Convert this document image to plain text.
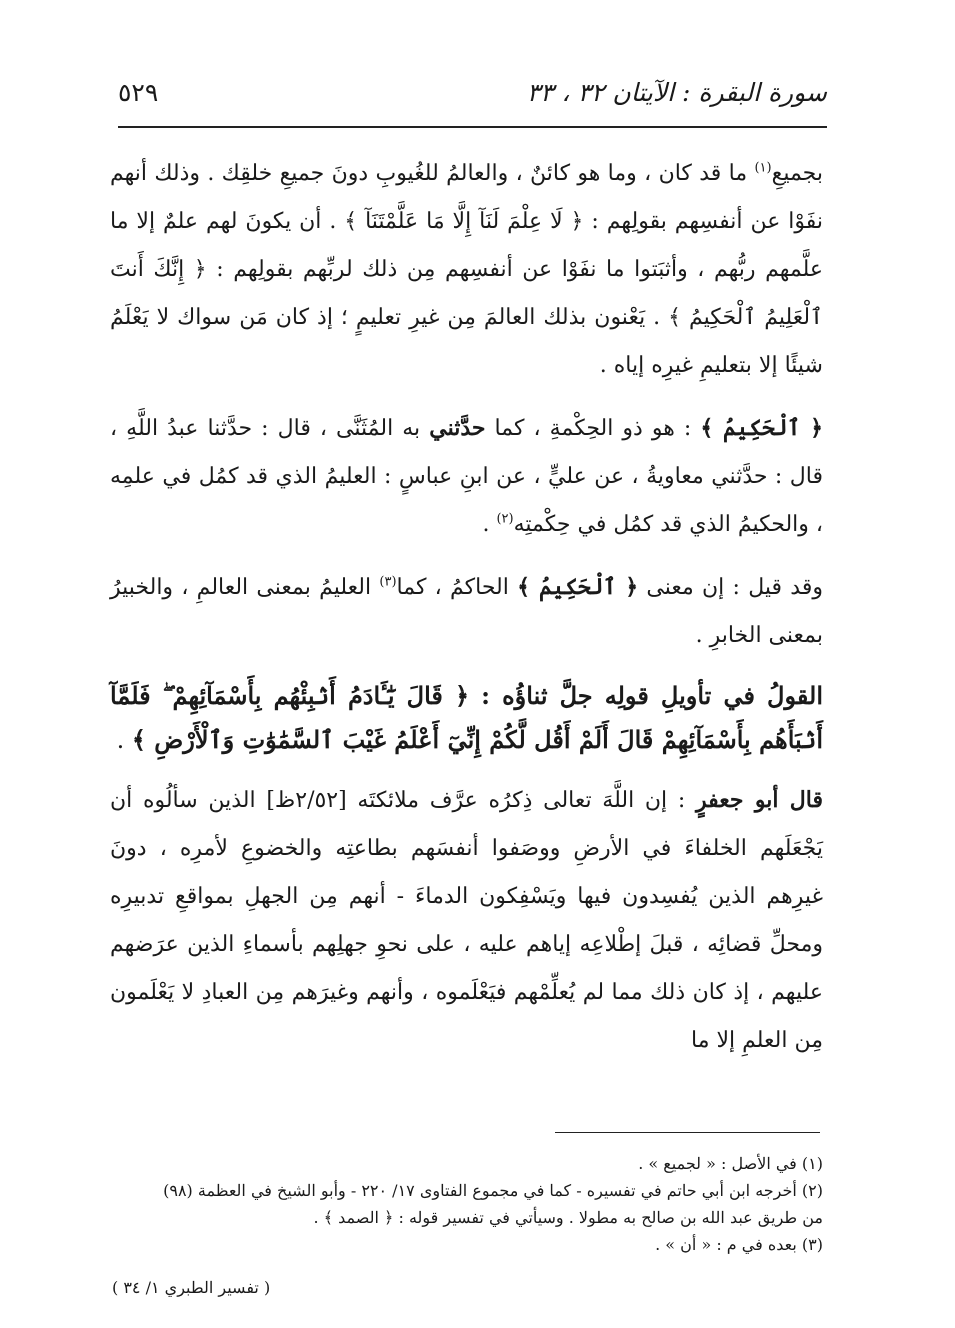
سورة البقرة : الآيتان ٣٢ ، ٣٣
٥٢٩

بجميعِ$^{(١)}$ ما قد كان ، وما هو كائنٌ ، والعالمُ للغُيوبِ دونَ جميعِ خلقِك . وذلك أنهم نفَوْا عن أنفسِهم بقولِهم : ﴿ لَا عِلْمَ لَنَآ إِلَّا مَا عَلَّمْتَنَآ ﴾ . أن يكونَ لهم علمٌ إلا ما علَّمهم ربُّهم ، وأثبَتوا ما نفَوْا عن أنفسِهم مِن ذلك لربِّهم بقولِهم : ﴿ إِنَّكَ أَنتَ ٱلْعَلِيمُ ٱلْحَكِيمُ ﴾ . يَعْنون بذلك العالمَ مِن غيرِ تعليمٍ ؛ إذ كان مَن سواك لا يَعْلَمُ شيئًا إلا بتعليمِ غيرِه إياه .

﴿ ٱلْحَكِيمُ ﴾ : هو ذو الحِكْمةِ ، كما حدَّثني به المُثَنَّى ، قال : حدَّثنا عبدُ اللَّهِ ، قال : حدَّثني معاويةُ ، عن عليٍّ ، عن ابنِ عباسٍ : العليمُ الذي قد كمُل في علمِه ، والحكيمُ الذي قد كمُل في حِكْمتِه$^{(٢)}$ .

وقد قيل : إن معنى ﴿ ٱلْحَكِيمُ ﴾ الحاكمُ ، كما$^{(٣)}$ العليمُ بمعنى العالمِ ، والخبيرُ بمعنى الخابرِ .

القولُ في تأويلِ قولِه جلَّ ثناؤُه : ﴿ قَالَ يَٰٓـَٔادَمُ أَنۢبِئْهُم بِأَسْمَآئِهِمْ ۖ فَلَمَّآ أَنۢبَأَهُم بِأَسْمَآئِهِمْ قَالَ أَلَمْ أَقُل لَّكُمْ إِنِّيٓ أَعْلَمُ غَيْبَ ٱلسَّمَٰوَٰتِ وَٱلْأَرْضِ ﴾ .

قال أبو جعفرٍ : إن اللَّهَ تعالى ذِكرُه عرَّف ملائكتَه [٢/٥٢ظ] الذين سألُوه أن يَجْعَلَهم الخلفاءَ في الأرضِ ووصَفوا أنفسَهم بطاعتِه والخضوعِ لأمرِه ، دونَ غيرِهم الذين يُفسِدون فيها ويَسْفِكون الدماءَ - أنهم مِن الجهلِ بمواقعِ تدبيرِه ومحلِّ قضائِه ، قبلَ إطْلاعِه إياهم عليه ، على نحوِ جهلِهم بأسماءِ الذين عرَضهم عليهم ، إذ كان ذلك مما لم يُعلِّمْهم فيَعْلَموه ، وأنهم وغيرَهم مِن العبادِ لا يَعْلَمون مِن العلمِ إلا ما

(١) في الأصل : « لجميع » .

(٢) أخرجه ابن أبي حاتم في تفسيره - كما في مجموع الفتاوى ١٧/ ٢٢٠ - وأبو الشيخ في العظمة (٩٨)

من طريق عبد الله بن صالح به مطولا . وسيأتي في تفسير قوله : ﴿ الصمد ﴾ .

(٣) بعده في م : « أن » .

( تفسير الطبري ١/ ٣٤ )
